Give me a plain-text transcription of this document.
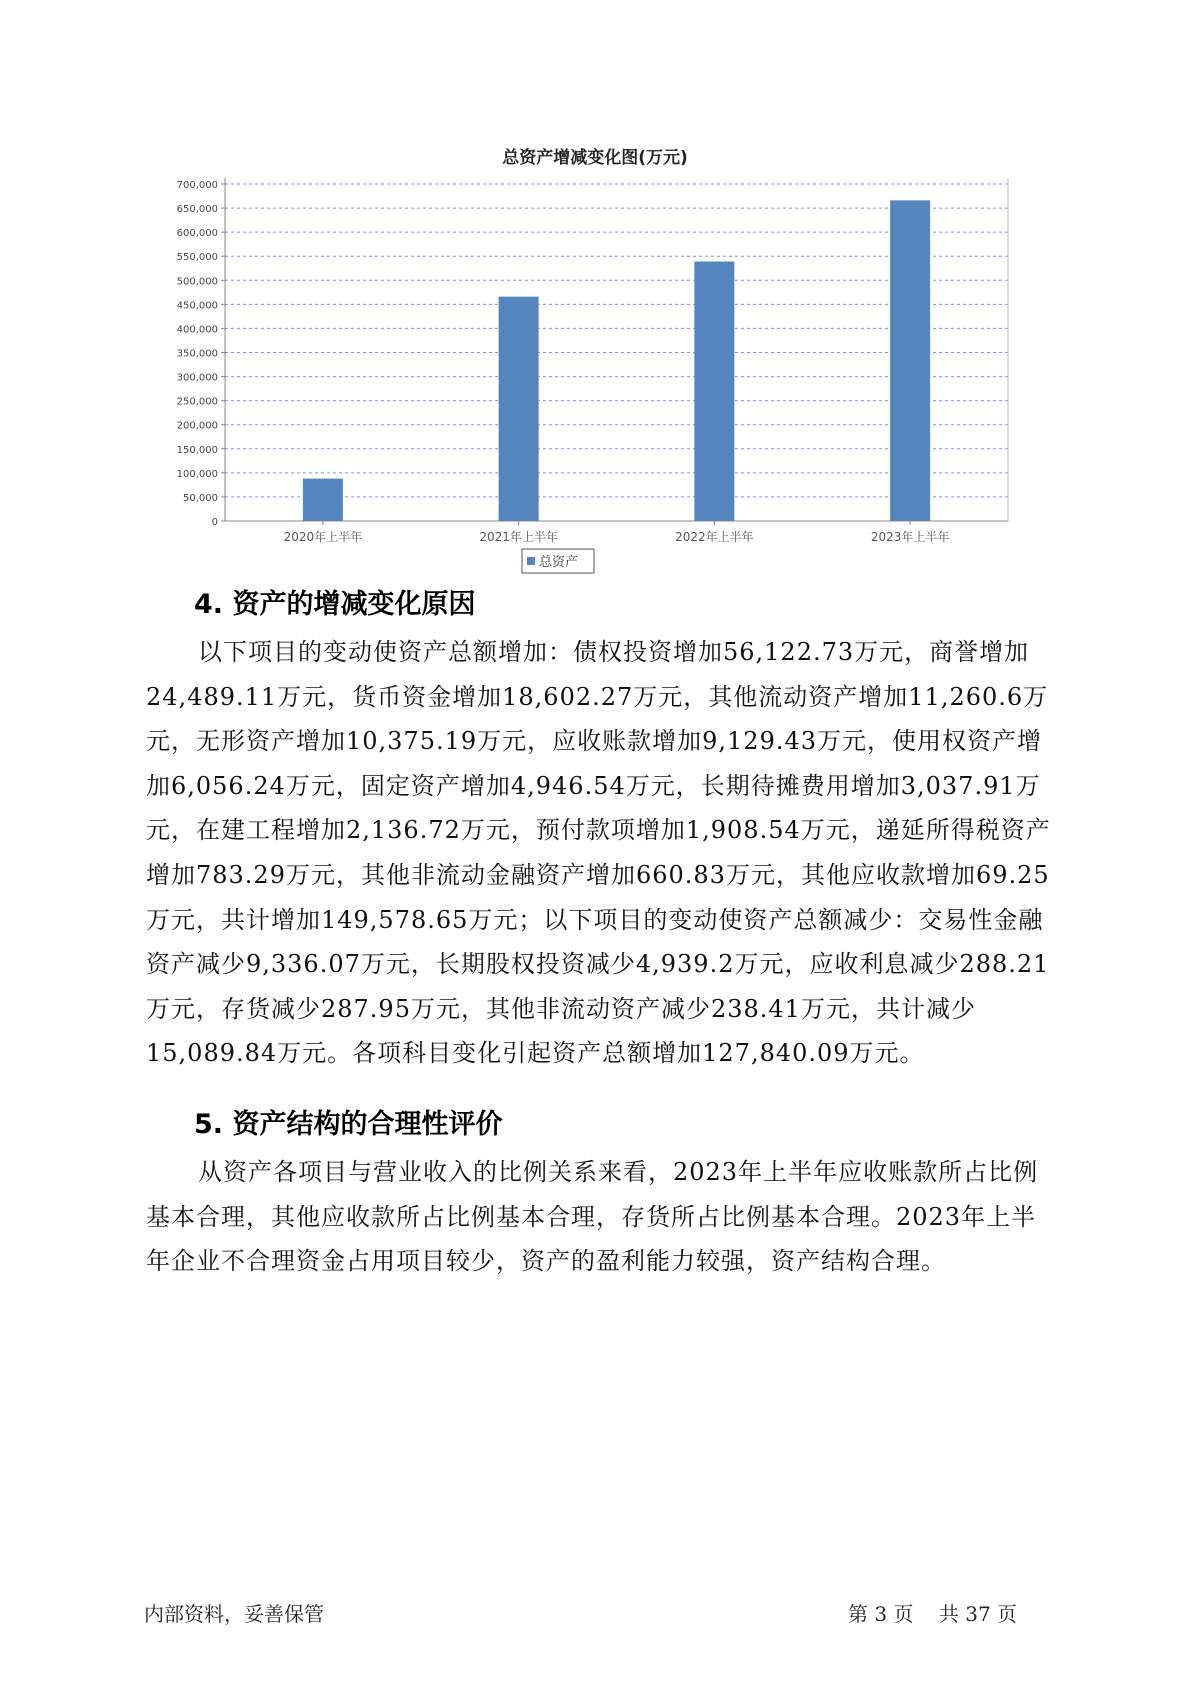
总资产增减变化图(万元)
0
50,000
100,000
150,000
200,000
250,000
300,000
350,000
400,000
450,000
500,000
550,000
600,000
650,000
700,000
2020年上半年	2021年上半年	2022年上半年	2023年上半年
总资产
4. 资产的增减变化原因

以下项目的变动使资产总额增加：债权投资增加56,122.73万元，商誉增加24,489.11万元，货币资金增加18,602.27万元，其他流动资产增加11,260.6万元，无形资产增加10,375.19万元，应收账款增加9,129.43万元，使用权资产增加6,056.24万元，固定资产增加4,946.54万元，长期待摊费用增加3,037.91万元，在建工程增加2,136.72万元，预付款项增加1,908.54万元，递延所得税资产增加783.29万元，其他非流动金融资产增加660.83万元，其他应收款增加69.25万元，共计增加149,578.65万元；以下项目的变动使资产总额减少：交易性金融资产减少9,336.07万元，长期股权投资减少4,939.2万元，应收利息减少288.21万元，存货减少287.95万元，其他非流动资产减少238.41万元，共计减少15,089.84万元。各项科目变化引起资产总额增加127,840.09万元。

5. 资产结构的合理性评价

从资产各项目与营业收入的比例关系来看，2023年上半年应收账款所占比例基本合理，其他应收款所占比例基本合理，存货所占比例基本合理。2023年上半年企业不合理资金占用项目较少，资产的盈利能力较强，资产结构合理。

内部资料，妥善保管	第 3 页 共 37 页
